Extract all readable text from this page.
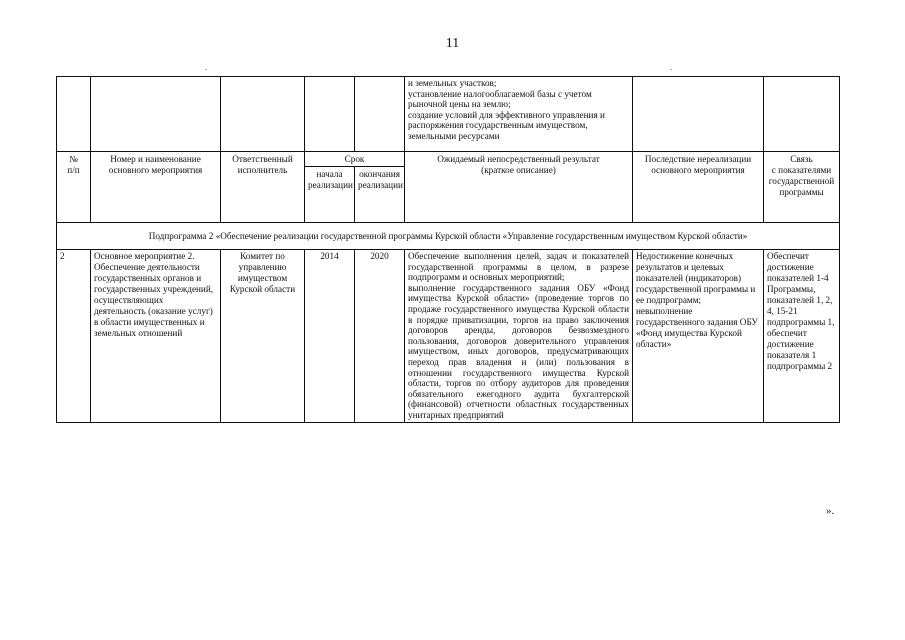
11
.	.
					и земельных участков;
установление налогооблагаемой базы с учетом рыночной цены на землю;
создание условий для эффективного управления и распоряжения государственным имуществом, земельными ресурсами		
№
п/п	Номер и наименование основного мероприятия	Ответственный исполнитель	Срок		Ожидаемый непосредственный результат
(краткое описание)	Последствие нереализации основного мероприятия	Связь
с показателями государственной программы
			начала реализации	окончания реализации			
Подпрограмма 2 «Обеспечение реализации государственной программы Курской области «Управление государственным имуществом Курской области»							
2	Основное мероприятие 2. Обеспечение деятельности государственных органов и государственных учреждений, осуществляющих деятельность (оказание услуг) в области имущественных и земельных отношений	Комитет по управлению имуществом Курской области	2014	2020	Обеспечение выполнения целей, задач и показателей государственной программы в целом, в разрезе подпрограмм и основных мероприятий;
выполнение государственного задания ОБУ «Фонд имущества Курской области» (проведение торгов по продаже государственного имущества Курской области в порядке приватизации, торгов на право заключения договоров аренды, договоров безвозмездного пользования, договоров доверительного управления имуществом, иных договоров, предусматривающих переход прав владения и (или) пользования в отношении государственного имущества Курской области, торгов по отбору аудиторов для проведения обязательного ежегодного аудита бухгалтерской (финансовой) отчетности областных государственных унитарных предприятий	Недостижение конечных результатов и целевых показателей (индикаторов) государственной программы и ее подпрограмм;
невыполнение государственного задания ОБУ «Фонд имущества Курской области»	Обеспечит достижение показателей 1-4 Программы, показателей 1, 2, 4, 15-21 подпрограммы 1,
обеспечит достижение показателя 1 подпрограммы 2
».
